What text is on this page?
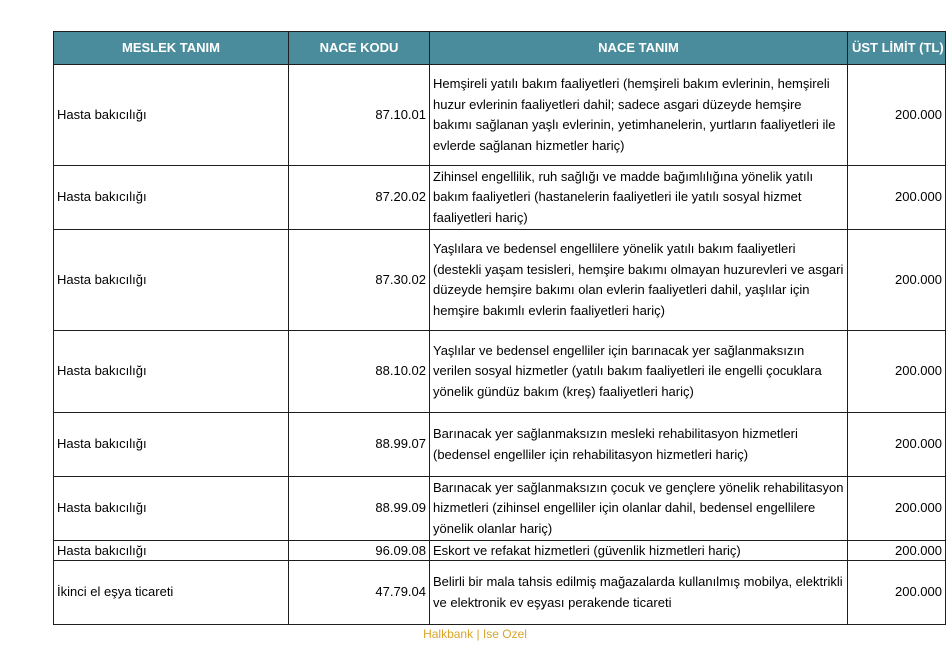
MESLEK TANIM	NACE KODU	NACE TANIM	ÜST LİMİT (TL)
Hasta bakıcılığı	87.10.01	Hemşireli yatılı bakım faaliyetleri (hemşireli bakım evlerinin, hemşireli huzur evlerinin faaliyetleri dahil; sadece asgari düzeyde hemşire bakımı sağlanan yaşlı evlerinin, yetimhanelerin, yurtların faaliyetleri ile evlerde sağlanan hizmetler hariç)	200.000
Hasta bakıcılığı	87.20.02	Zihinsel engellilik, ruh sağlığı ve madde bağımlılığına yönelik yatılı bakım faaliyetleri (hastanelerin faaliyetleri ile yatılı sosyal hizmet faaliyetleri hariç)	200.000
Hasta bakıcılığı	87.30.02	Yaşlılara ve bedensel engellilere yönelik yatılı bakım faaliyetleri (destekli yaşam tesisleri, hemşire bakımı olmayan huzurevleri ve asgari düzeyde hemşire bakımı olan evlerin faaliyetleri dahil, yaşlılar için hemşire bakımlı evlerin faaliyetleri hariç)	200.000
Hasta bakıcılığı	88.10.02	Yaşlılar ve bedensel engelliler için barınacak yer sağlanmaksızın verilen sosyal hizmetler (yatılı bakım faaliyetleri ile engelli çocuklara yönelik gündüz bakım (kreş) faaliyetleri hariç)	200.000
Hasta bakıcılığı	88.99.07	Barınacak yer sağlanmaksızın mesleki rehabilitasyon hizmetleri (bedensel engelliler için rehabilitasyon hizmetleri hariç)	200.000
Hasta bakıcılığı	88.99.09	Barınacak yer sağlanmaksızın çocuk ve gençlere yönelik rehabilitasyon hizmetleri (zihinsel engelliler için olanlar dahil, bedensel engellilere yönelik olanlar hariç)	200.000
Hasta bakıcılığı	96.09.08	Eskort ve refakat hizmetleri (güvenlik hizmetleri hariç)	200.000
İkinci el eşya ticareti	47.79.04	Belirli bir mala tahsis edilmiş mağazalarda kullanılmış mobilya, elektrikli ve elektronik ev eşyası perakende ticareti	200.000
Halkbank | Ise Ozel
